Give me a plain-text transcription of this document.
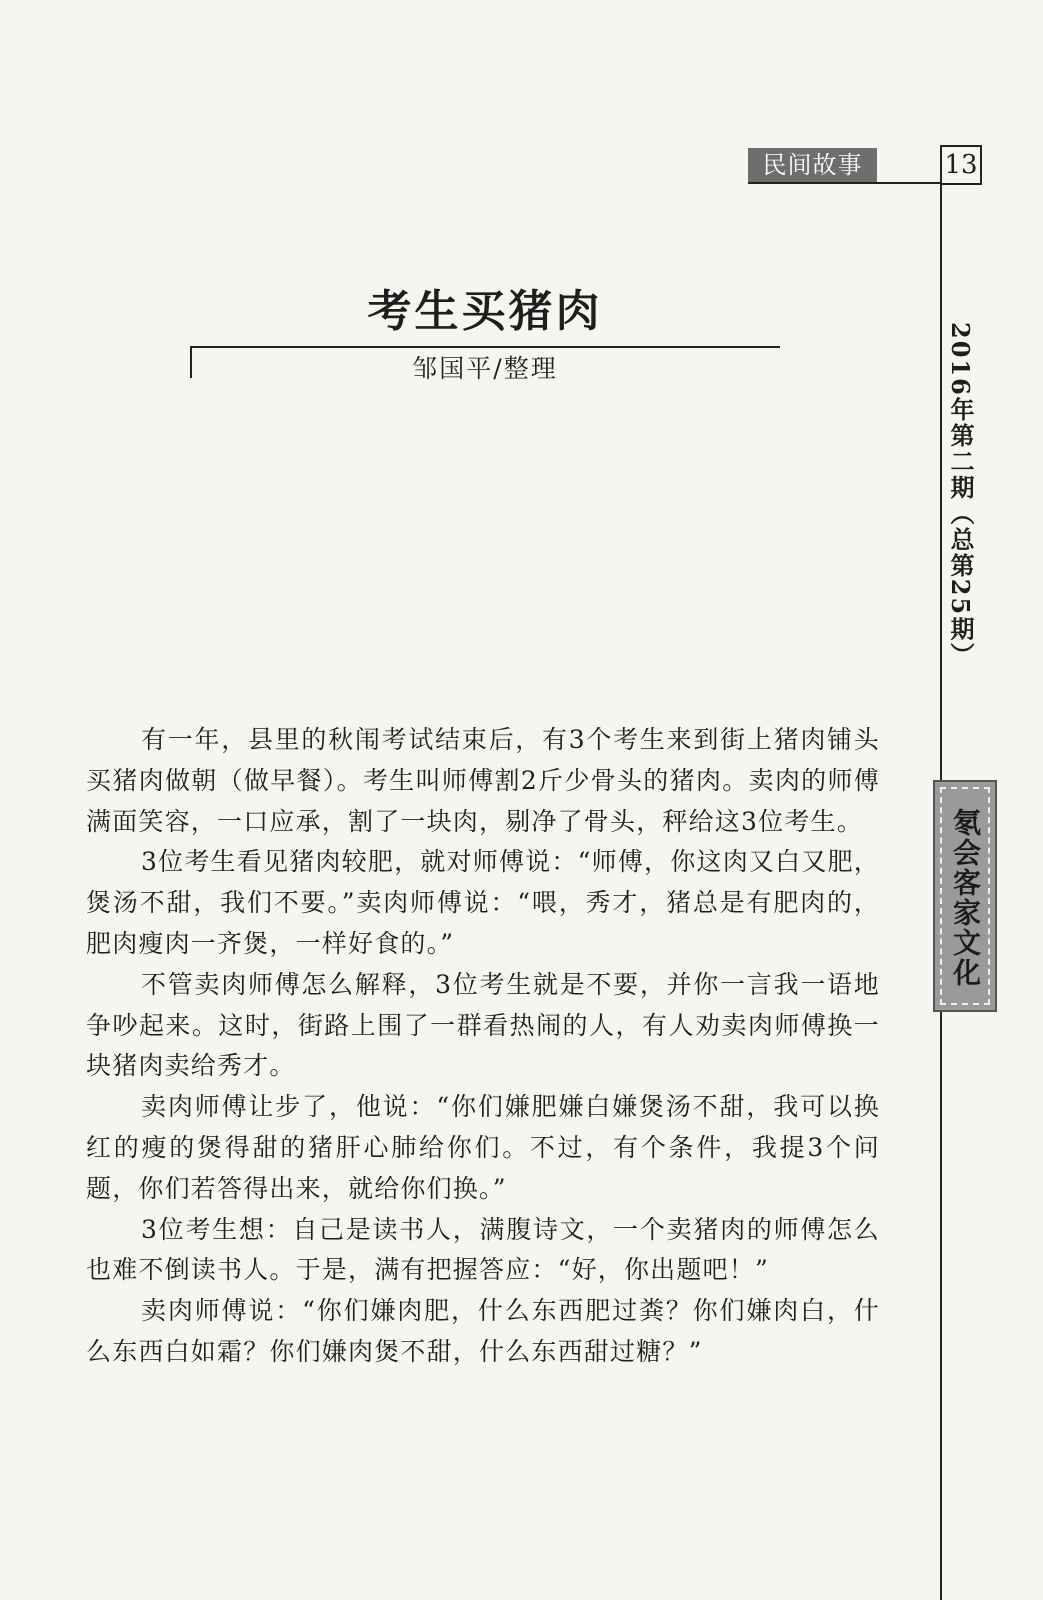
民间故事	13
2016年第二期（总第25期）
氡会客家文化
考生买猪肉
邹国平/整理

有一年，县里的秋闱考试结束后，有3个考生来到街上猪肉铺头买猪肉做朝（做早餐）。考生叫师傅割2斤少骨头的猪肉。卖肉的师傅满面笑容，一口应承，割了一块肉，剔净了骨头，秤给这3位考生。

3位考生看见猪肉较肥，就对师傅说：“师傅，你这肉又白又肥，煲汤不甜，我们不要。”卖肉师傅说：“喂，秀才，猪总是有肥肉的，肥肉瘦肉一齐煲，一样好食的。”

不管卖肉师傅怎么解释，3位考生就是不要，并你一言我一语地争吵起来。这时，街路上围了一群看热闹的人，有人劝卖肉师傅换一块猪肉卖给秀才。

卖肉师傅让步了，他说：“你们嫌肥嫌白嫌煲汤不甜，我可以换红的瘦的煲得甜的猪肝心肺给你们。不过，有个条件，我提3个问题，你们若答得出来，就给你们换。”

3位考生想：自己是读书人，满腹诗文，一个卖猪肉的师傅怎么也难不倒读书人。于是，满有把握答应：“好，你出题吧！”

卖肉师傅说：“你们嫌肉肥，什么东西肥过粪？你们嫌肉白，什么东西白如霜？你们嫌肉煲不甜，什么东西甜过糖？”
